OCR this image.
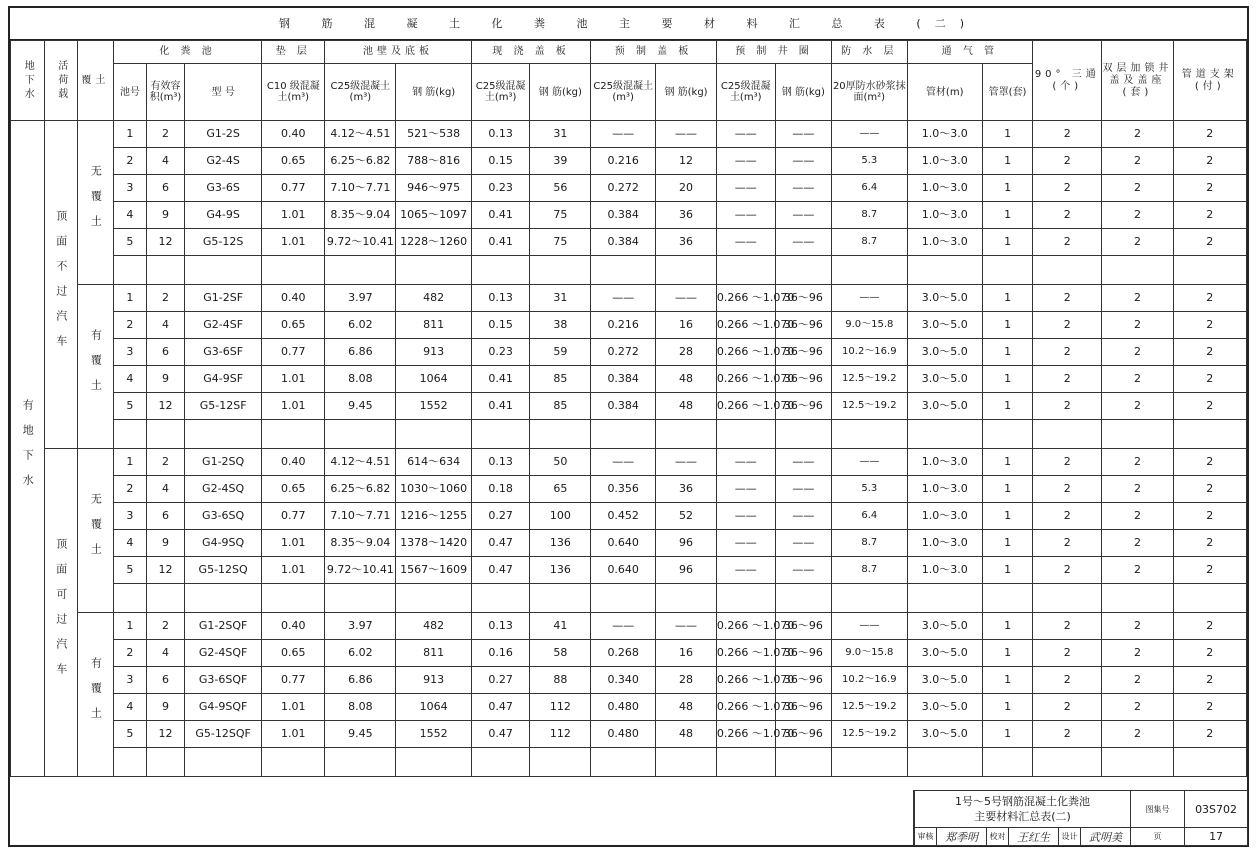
钢 筋 混 凝 土 化 粪 池 主 要 材 料 汇 总 表 (二)
地下水	活荷载	覆土	化 粪 池			垫 层	池壁及底板		现 浇 盖 板		预 制 盖 板		预 制 井 圈		防 水 层	通 气 管		90° 三通(个)	双层加锁井盖及盖座(套)	管道支架(付)
			池号	有效容积(m³)	型 号	C10 级混凝土(m³)	C25级混凝土(m³)	钢 筋(kg)	C25级混凝土(m³)	钢 筋(kg)	C25级混凝土(m³)	钢 筋(kg)	C25级混凝土(m³)	钢 筋(kg)	20厚防水砂浆抹面(m²)	管材(m)	管罩(套)			
有地下水	顶面不过汽车	无覆土	1	2	G1-2S	0.40	4.12～4.51	521～538	0.13	31	——	——	——	——	——	1.0～3.0	1	2	2	2
			2	4	G2-4S	0.65	6.25～6.82	788～816	0.15	39	0.216	12	——	——	5.3	1.0～3.0	1	2	2	2
			3	6	G3-6S	0.77	7.10～7.71	946～975	0.23	56	0.272	20	——	——	6.4	1.0～3.0	1	2	2	2
			4	9	G4-9S	1.01	8.35～9.04	1065～1097	0.41	75	0.384	36	——	——	8.7	1.0～3.0	1	2	2	2
			5	12	G5-12S	1.01	9.72～10.41	1228～1260	0.41	75	0.384	36	——	——	8.7	1.0～3.0	1	2	2	2

		有覆土	1	2	G1-2SF	0.40	3.97	482	0.13	31	——	——	0.266 ～1.070	36～96	——	3.0～5.0	1	2	2	2
			2	4	G2-4SF	0.65	6.02	811	0.15	38	0.216	16	0.266 ～1.070	36～96	9.0～15.8	3.0～5.0	1	2	2	2
			3	6	G3-6SF	0.77	6.86	913	0.23	59	0.272	28	0.266 ～1.070	36～96	10.2～16.9	3.0～5.0	1	2	2	2
			4	9	G4-9SF	1.01	8.08	1064	0.41	85	0.384	48	0.266 ～1.070	36～96	12.5～19.2	3.0～5.0	1	2	2	2
			5	12	G5-12SF	1.01	9.45	1552	0.41	85	0.384	48	0.266 ～1.070	36～96	12.5～19.2	3.0～5.0	1	2	2	2

	顶面可过汽车	无覆土	1	2	G1-2SQ	0.40	4.12～4.51	614～634	0.13	50	——	——	——	——	——	1.0～3.0	1	2	2	2
			2	4	G2-4SQ	0.65	6.25～6.82	1030～1060	0.18	65	0.356	36	——	——	5.3	1.0～3.0	1	2	2	2
			3	6	G3-6SQ	0.77	7.10～7.71	1216～1255	0.27	100	0.452	52	——	——	6.4	1.0～3.0	1	2	2	2
			4	9	G4-9SQ	1.01	8.35～9.04	1378～1420	0.47	136	0.640	96	——	——	8.7	1.0～3.0	1	2	2	2
			5	12	G5-12SQ	1.01	9.72～10.41	1567～1609	0.47	136	0.640	96	——	——	8.7	1.0～3.0	1	2	2	2

		有覆土	1	2	G1-2SQF	0.40	3.97	482	0.13	41	——	——	0.266 ～1.070	36～96	——	3.0～5.0	1	2	2	2
			2	4	G2-4SQF	0.65	6.02	811	0.16	58	0.268	16	0.266 ～1.070	36～96	9.0～15.8	3.0～5.0	1	2	2	2
			3	6	G3-6SQF	0.77	6.86	913	0.27	88	0.340	28	0.266 ～1.070	36～96	10.2～16.9	3.0～5.0	1	2	2	2
			4	9	G4-9SQF	1.01	8.08	1064	0.47	112	0.480	48	0.266 ～1.070	36～96	12.5～19.2	3.0～5.0	1	2	2	2
			5	12	G5-12SQF	1.01	9.45	1552	0.47	112	0.480	48	0.266 ～1.070	36～96	12.5～19.2	3.0～5.0	1	2	2	2

1号～5号钢筋混凝土化粪池
主要材料汇总表(二)						图集号	03S702
审核	郑季明	校对	王红生	设计	武明美	页	17
